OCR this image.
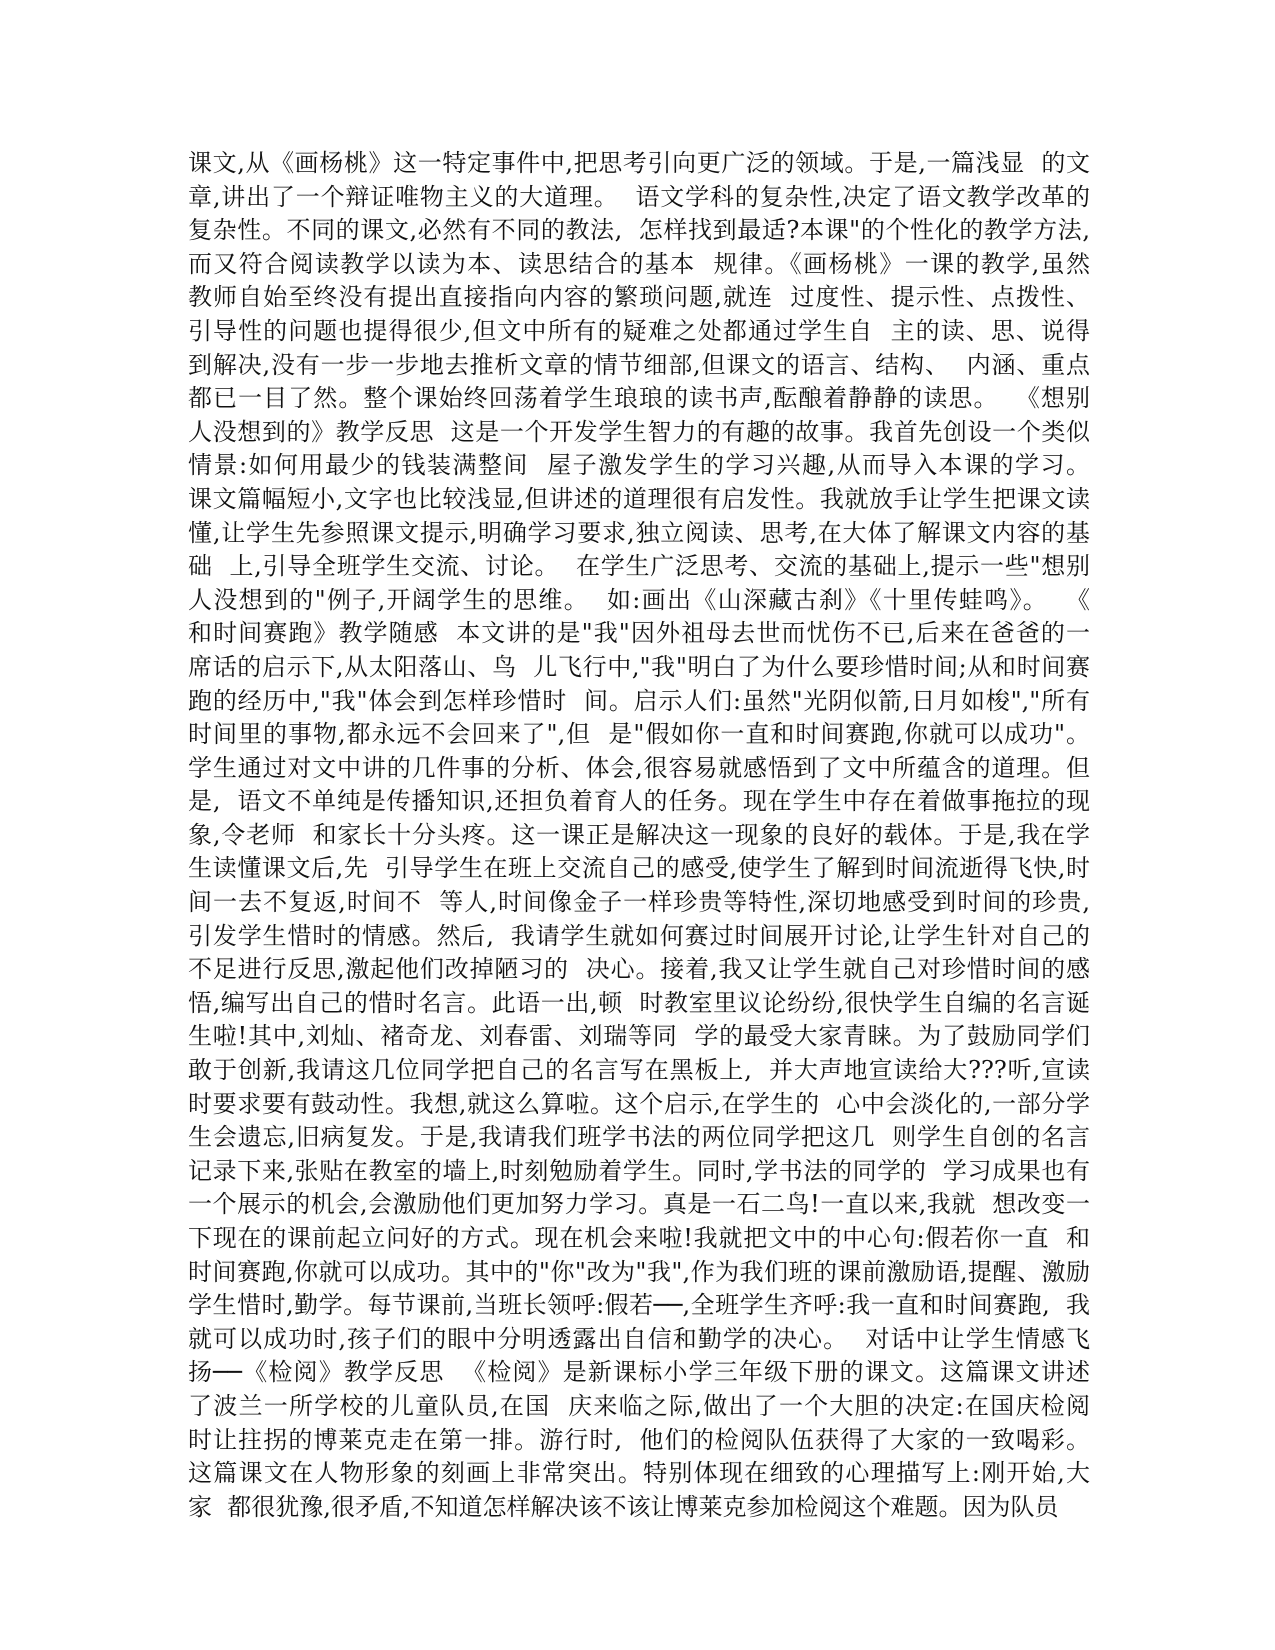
课文,从《画杨桃》这一特定事件中,把思考引向更广泛的领域。于是,一篇浅显  的文
章,讲出了一个辩证唯物主义的大道理。  语文学科的复杂性,决定了语文教学改革的
复杂性。不同的课文,必然有不同的教法,  怎样找到最适?本课"的个性化的教学方法,
而又符合阅读教学以读为本、读思结合的基本  规律。《画杨桃》一课的教学,虽然
教师自始至终没有提出直接指向内容的繁琐问题,就连  过度性、提示性、点拨性、
引导性的问题也提得很少,但文中所有的疑难之处都通过学生自  主的读、思、说得
到解决,没有一步一步地去推析文章的情节细部,但课文的语言、结构、  内涵、重点
都已一目了然。整个课始终回荡着学生琅琅的读书声,酝酿着静静的读思。  《想别
人没想到的》教学反思  这是一个开发学生智力的有趣的故事。我首先创设一个类似
情景:如何用最少的钱装满整间  屋子激发学生的学习兴趣,从而导入本课的学习。
课文篇幅短小,文字也比较浅显,但讲述的道理很有启发性。我就放手让学生把课文读
懂,让学生先参照课文提示,明确学习要求,独立阅读、思考,在大体了解课文内容的基
础  上,引导全班学生交流、讨论。  在学生广泛思考、交流的基础上,提示一些"想别
人没想到的"例子,开阔学生的思维。  如:画出《山深藏古刹》《十里传蛙鸣》。  《
和时间赛跑》教学随感  本文讲的是"我"因外祖母去世而忧伤不已,后来在爸爸的一
席话的启示下,从太阳落山、鸟  儿飞行中,"我"明白了为什么要珍惜时间;从和时间赛
跑的经历中,"我"体会到怎样珍惜时  间。启示人们:虽然"光阴似箭,日月如梭","所有
时间里的事物,都永远不会回来了",但  是"假如你一直和时间赛跑,你就可以成功"。
学生通过对文中讲的几件事的分析、体会,很容易就感悟到了文中所蕴含的道理。但
是,  语文不单纯是传播知识,还担负着育人的任务。现在学生中存在着做事拖拉的现
象,令老师  和家长十分头疼。这一课正是解决这一现象的良好的载体。于是,我在学
生读懂课文后,先  引导学生在班上交流自己的感受,使学生了解到时间流逝得飞快,时
间一去不复返,时间不  等人,时间像金子一样珍贵等特性,深切地感受到时间的珍贵,
引发学生惜时的情感。然后,  我请学生就如何赛过时间展开讨论,让学生针对自己的
不足进行反思,激起他们改掉陋习的  决心。接着,我又让学生就自己对珍惜时间的感
悟,编写出自己的惜时名言。此语一出,顿  时教室里议论纷纷,很快学生自编的名言诞
生啦!其中,刘灿、褚奇龙、刘春雷、刘瑞等同  学的最受大家青睐。为了鼓励同学们
敢于创新,我请这几位同学把自己的名言写在黑板上,  并大声地宣读给大???听,宣读
时要求要有鼓动性。我想,就这么算啦。这个启示,在学生的  心中会淡化的,一部分学
生会遗忘,旧病复发。于是,我请我们班学书法的两位同学把这几  则学生自创的名言
记录下来,张贴在教室的墙上,时刻勉励着学生。同时,学书法的同学的  学习成果也有
一个展示的机会,会激励他们更加努力学习。真是一石二鸟!一直以来,我就  想改变一
下现在的课前起立问好的方式。现在机会来啦!我就把文中的中心句:假若你一直  和
时间赛跑,你就可以成功。其中的"你"改为"我",作为我们班的课前激励语,提醒、激励
学生惜时,勤学。每节课前,当班长领呼:假若──,全班学生齐呼:我一直和时间赛跑,  我
就可以成功时,孩子们的眼中分明透露出自信和勤学的决心。  对话中让学生情感飞
扬──《检阅》教学反思  《检阅》是新课标小学三年级下册的课文。这篇课文讲述
了波兰一所学校的儿童队员,在国  庆来临之际,做出了一个大胆的决定:在国庆检阅
时让拄拐的博莱克走在第一排。游行时,  他们的检阅队伍获得了大家的一致喝彩。
这篇课文在人物形象的刻画上非常突出。特别体现在细致的心理描写上:刚开始,大
家  都很犹豫,很矛盾,不知道怎样解决该不该让博莱克参加检阅这个难题。因为队员
